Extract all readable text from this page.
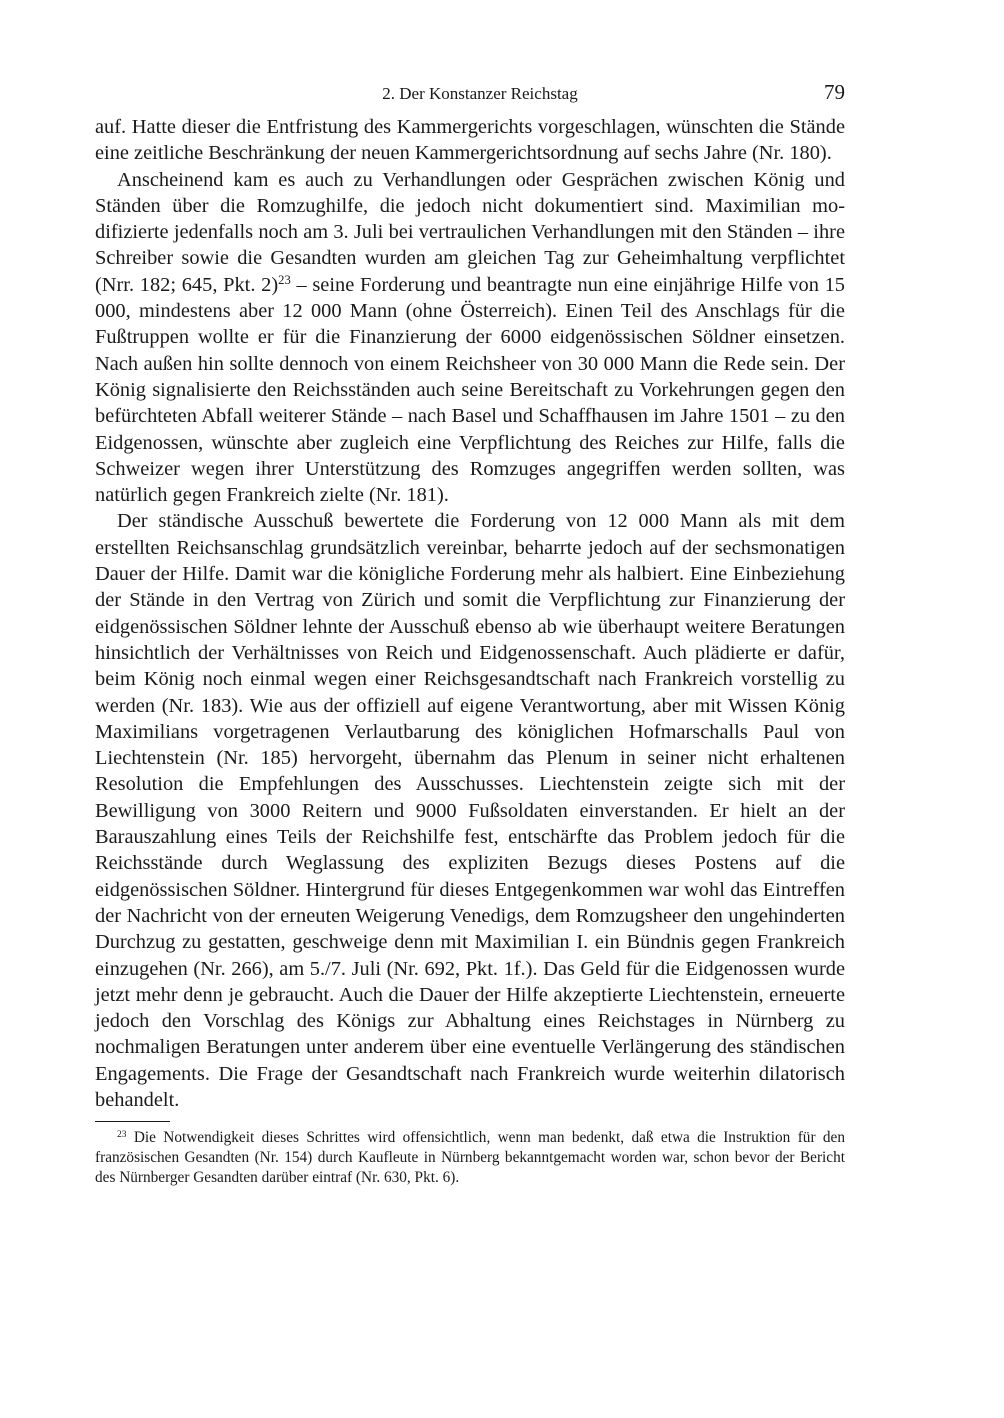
2. Der Konstanzer Reichstag	79

auf. Hatte dieser die Entfristung des Kammergerichts vorgeschlagen, wünschten die Stände eine zeitliche Beschränkung der neuen Kammergerichtsordnung auf sechs Jahre (Nr. 180).

Anscheinend kam es auch zu Verhandlungen oder Gesprächen zwischen König und Ständen über die Romzughilfe, die jedoch nicht dokumentiert sind. Maximilian modifizierte jedenfalls noch am 3. Juli bei vertraulichen Verhandlungen mit den Ständen – ihre Schreiber sowie die Gesandten wurden am gleichen Tag zur Geheimhaltung verpflichtet (Nrr. 182; 645, Pkt. 2)$^{23}$ – seine Forderung und beantragte nun eine einjährige Hilfe von 15 000, mindestens aber 12 000 Mann (ohne Österreich). Einen Teil des Anschlags für die Fußtruppen wollte er für die Finanzierung der 6000 eidgenössischen Söldner einsetzen. Nach außen hin sollte dennoch von einem Reichsheer von 30 000 Mann die Rede sein. Der König signalisierte den Reichsständen auch seine Bereitschaft zu Vorkehrungen gegen den befürchteten Abfall weiterer Stände – nach Basel und Schaffhausen im Jahre 1501 – zu den Eidgenossen, wünschte aber zugleich eine Verpflichtung des Reiches zur Hilfe, falls die Schweizer wegen ihrer Unterstützung des Romzuges angegriffen werden sollten, was natürlich gegen Frankreich zielte (Nr. 181).

Der ständische Ausschuß bewertete die Forderung von 12 000 Mann als mit dem erstellten Reichsanschlag grundsätzlich vereinbar, beharrte jedoch auf der sechsmonatigen Dauer der Hilfe. Damit war die königliche Forderung mehr als halbiert. Eine Einbeziehung der Stände in den Vertrag von Zürich und somit die Verpflichtung zur Finanzierung der eidgenössischen Söldner lehnte der Ausschuß ebenso ab wie überhaupt weitere Beratungen hinsichtlich der Verhältnisses von Reich und Eidgenossenschaft. Auch plädierte er dafür, beim König noch einmal wegen einer Reichsgesandtschaft nach Frankreich vorstellig zu werden (Nr. 183). Wie aus der offiziell auf eigene Verantwortung, aber mit Wissen König Maximilians vorgetragenen Verlautbarung des königlichen Hofmarschalls Paul von Liechtenstein (Nr. 185) hervorgeht, übernahm das Plenum in seiner nicht erhaltenen Resolution die Empfehlungen des Ausschusses. Liechtenstein zeigte sich mit der Bewilligung von 3000 Reitern und 9000 Fußsoldaten einverstanden. Er hielt an der Barauszahlung eines Teils der Reichshilfe fest, entschärfte das Problem jedoch für die Reichsstände durch Weglassung des expliziten Bezugs dieses Postens auf die eidgenössischen Söldner. Hintergrund für dieses Entgegenkommen war wohl das Eintreffen der Nachricht von der erneuten Weigerung Venedigs, dem Romzugsheer den ungehinderten Durchzug zu gestatten, geschweige denn mit Maximilian I. ein Bündnis gegen Frankreich einzugehen (Nr. 266), am 5./7. Juli (Nr. 692, Pkt. 1f.). Das Geld für die Eidgenossen wurde jetzt mehr denn je gebraucht. Auch die Dauer der Hilfe akzeptierte Liechtenstein, erneuerte jedoch den Vorschlag des Königs zur Abhaltung eines Reichstages in Nürnberg zu nochmaligen Beratungen unter anderem über eine eventuelle Verlängerung des ständischen Engagements. Die Frage der Gesandtschaft nach Frankreich wurde weiterhin dilatorisch behandelt.

$^{23}$ Die Notwendigkeit dieses Schrittes wird offensichtlich, wenn man bedenkt, daß etwa die Instruktion für den französischen Gesandten (Nr. 154) durch Kaufleute in Nürnberg bekanntgemacht worden war, schon bevor der Bericht des Nürnberger Gesandten darüber eintraf (Nr. 630, Pkt. 6).
